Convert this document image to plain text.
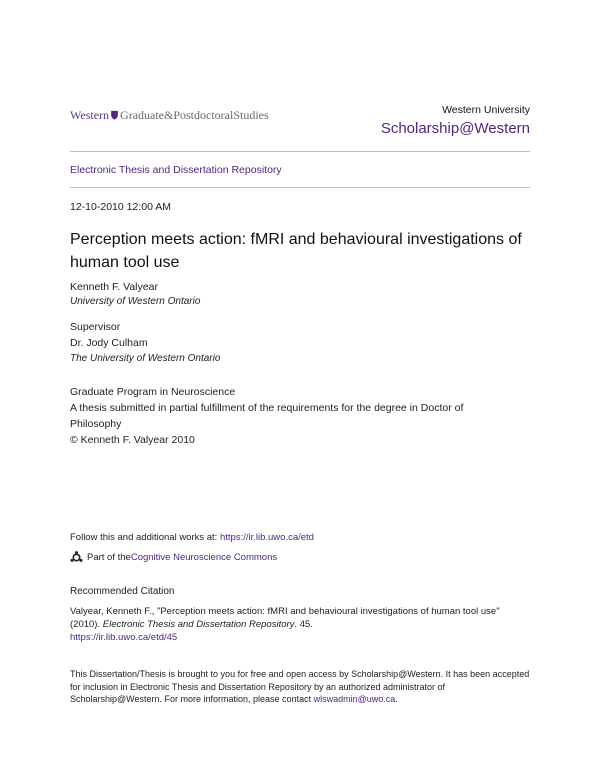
Western Graduate&PostdoctoralStudies	Western University
Scholarship@Western
Electronic Thesis and Dissertation Repository
12-10-2010 12:00 AM
Perception meets action: fMRI and behavioural investigations of human tool use
Kenneth F. Valyear
University of Western Ontario
Supervisor
Dr. Jody Culham
The University of Western Ontario
Graduate Program in Neuroscience
A thesis submitted in partial fulfillment of the requirements for the degree in Doctor of
Philosophy
© Kenneth F. Valyear 2010
Follow this and additional works at: https://ir.lib.uwo.ca/etd
Part of the Cognitive Neuroscience Commons
Recommended Citation
Valyear, Kenneth F., "Perception meets action: fMRI and behavioural investigations of human tool use"
(2010). Electronic Thesis and Dissertation Repository. 45.
https://ir.lib.uwo.ca/etd/45
This Dissertation/Thesis is brought to you for free and open access by Scholarship@Western. It has been accepted
for inclusion in Electronic Thesis and Dissertation Repository by an authorized administrator of
Scholarship@Western. For more information, please contact wlswadmin@uwo.ca.
